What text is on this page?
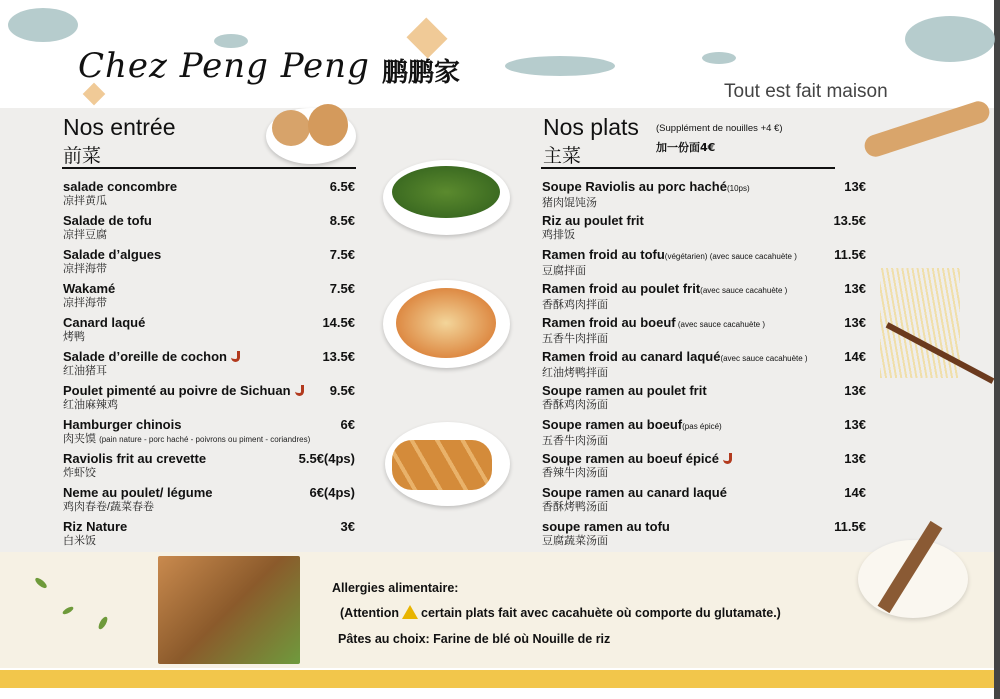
Chez Peng Peng 鹏鹏家
Tout est fait maison
Nos entrée
前菜
salade concombre
凉拌黄瓜
6.5€
Salade de tofu
凉拌豆腐
8.5€
Salade d’algues
凉拌海带
7.5€
Wakamé
凉拌海带
7.5€
Canard laqué
烤鸭
14.5€
Salade d’oreille de cochon
红油猪耳
13.5€
Poulet pimenté au poivre de Sichuan
红油麻辣鸡
9.5€
Hamburger chinois
肉夹馍 (pain nature - porc haché - poivrons ou piment - coriandres)
6€
Raviolis frit au crevette
炸虾饺
5.5€(4ps)
Neme au poulet/ légume
鸡肉春卷/蔬菜春卷
6€(4ps)
Riz Nature
白米饭
3€
Nos plats
主菜
(Supplément de nouilles +4 €)
加一份面4€
Soupe Raviolis au porc haché(10ps)
猪肉馄饨汤
13€
Riz au poulet frit
鸡排饭
13.5€
Ramen froid au tofu(végétarien) (avec sauce cacahuète )
豆腐拌面
11.5€
Ramen froid au poulet frit(avec sauce cacahuète )
香酥鸡肉拌面
13€
Ramen froid au boeuf (avec sauce cacahuète )
五香牛肉拌面
13€
Ramen froid au canard laqué(avec sauce cacahuète )
红油烤鸭拌面
14€
Soupe ramen au poulet frit
香酥鸡肉汤面
13€
Soupe ramen au boeuf(pas épicé)
五香牛肉汤面
13€
Soupe ramen au boeuf épicé
香辣牛肉汤面
13€
Soupe ramen au canard laqué
香酥烤鸭汤面
14€
soupe ramen au tofu
豆腐蔬菜汤面
11.5€
Allergies alimentaire:
(Attention certain plats fait avec cacahuète où comporte du glutamate.)
Pâtes au choix: Farine de blé où Nouille de riz
